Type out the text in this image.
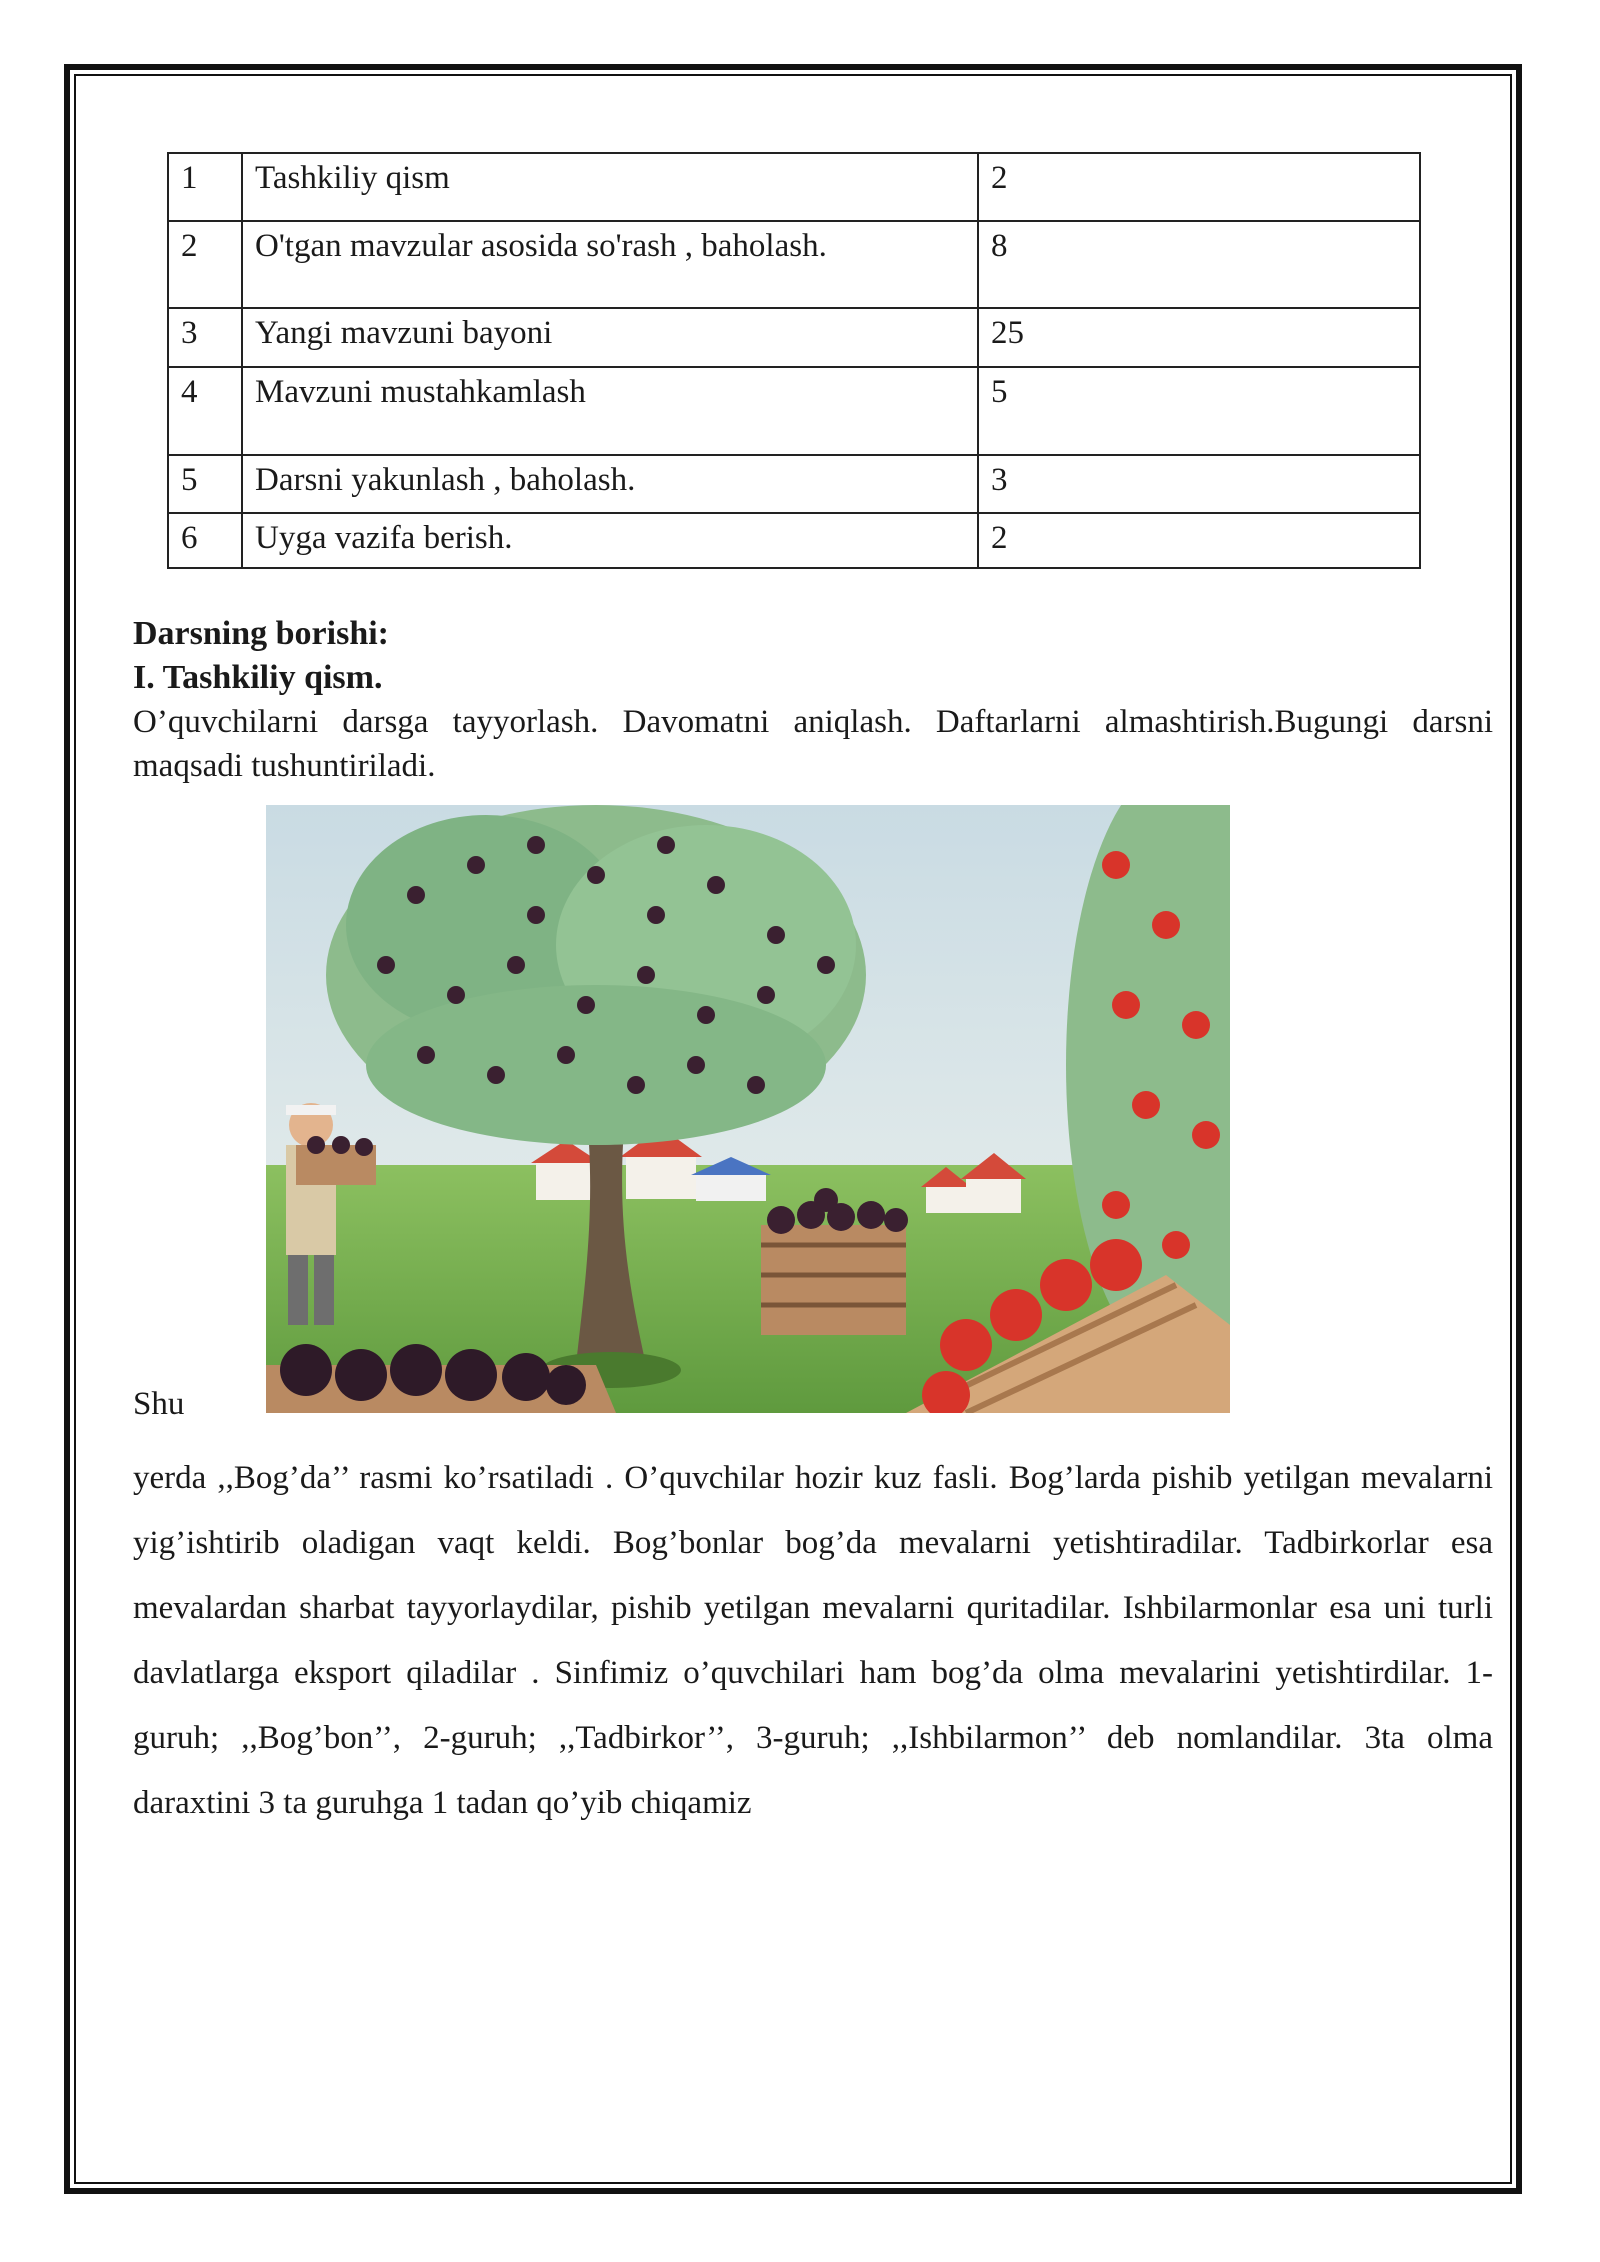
1	Tashkiliy qism	2
2	O'tgan mavzular asosida so'rash , baholash.	8
3	Yangi mavzuni bayoni	25
4	Mavzuni mustahkamlash	5
5	Darsni yakunlash , baholash.	3
6	Uyga vazifa berish.	2
Darsning borishi:
I. Tashkiliy qism.
O’quvchilarni darsga tayyorlash. Davomatni aniqlash. Daftarlarni almashtirish.Bugungi darsni maqsadi tushuntiriladi.
Shu
yerda ,,Bog’da’’ rasmi ko’rsatiladi . O’quvchilar hozir kuz fasli. Bog’larda pishib yetilgan mevalarni yig’ishtirib oladigan vaqt keldi. Bog’bonlar bog’da mevalarni yetishtiradilar. Tadbirkorlar esa mevalardan sharbat tayyorlaydilar, pishib yetilgan mevalarni quritadilar. Ishbilarmonlar esa uni turli davlatlarga eksport qiladilar . Sinfimiz o’quvchilari ham bog’da olma mevalarini yetishtirdilar. 1-guruh; ,,Bog’bon’’, 2-guruh; ,,Tadbirkor’’, 3-guruh; ,,Ishbilarmon’’ deb nomlandilar. 3ta olma daraxtini 3 ta guruhga 1 tadan qo’yib chiqamiz
